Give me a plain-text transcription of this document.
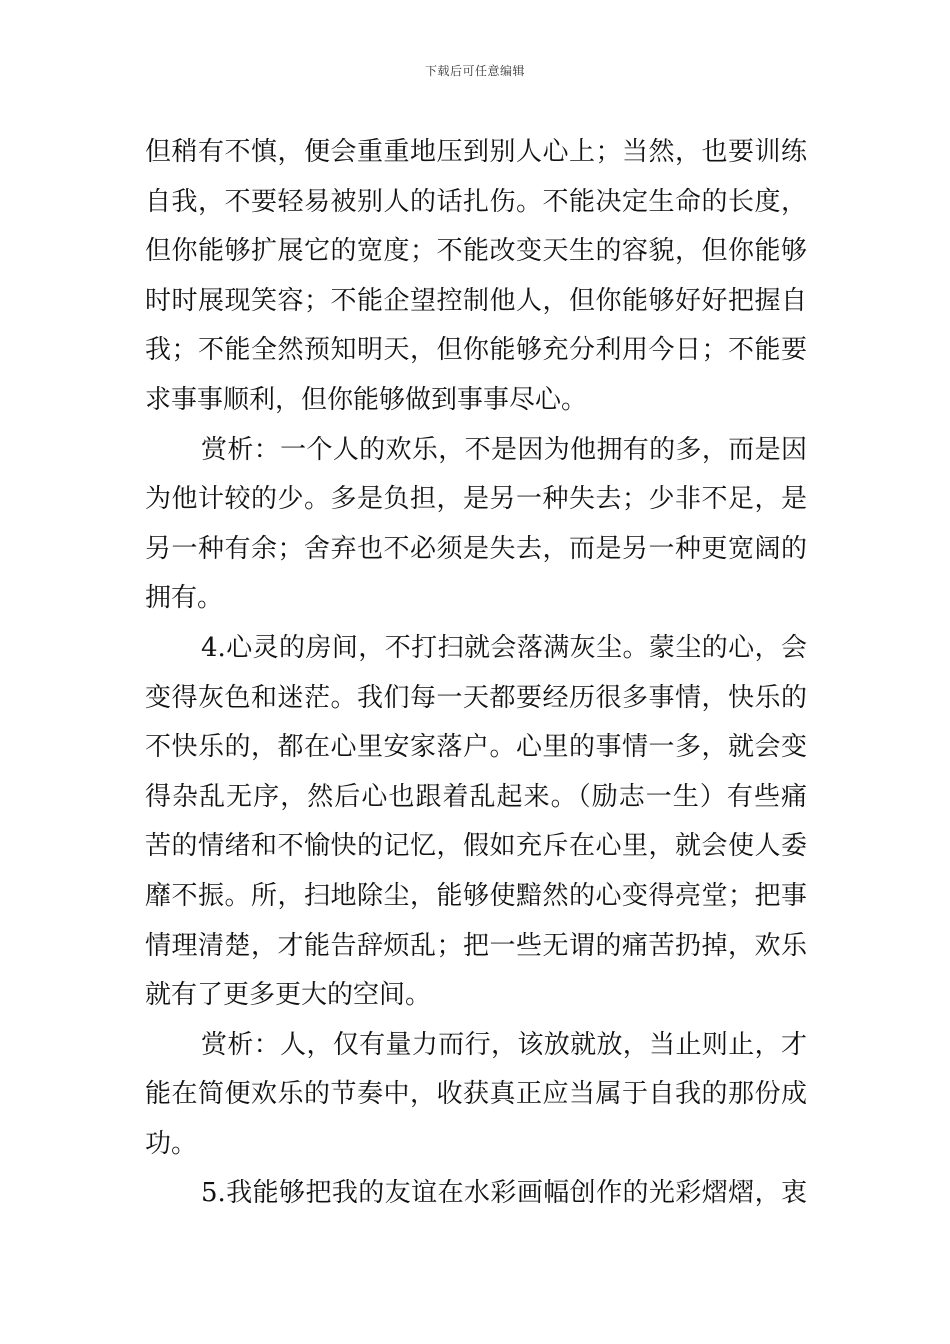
下载后可任意编辑
但稍有不慎，便会重重地压到别人心上；当然，也要训练
自我，不要轻易被别人的话扎伤。不能决定生命的长度，
但你能够扩展它的宽度；不能改变天生的容貌，但你能够
时时展现笑容；不能企望控制他人，但你能够好好把握自
我；不能全然预知明天，但你能够充分利用今日；不能要
求事事顺利，但你能够做到事事尽心。
赏析：一个人的欢乐，不是因为他拥有的多，而是因
为他计较的少。多是负担，是另一种失去；少非不足，是
另一种有余；舍弃也不必须是失去，而是另一种更宽阔的
拥有。
4.心灵的房间，不打扫就会落满灰尘。蒙尘的心，会
变得灰色和迷茫。我们每一天都要经历很多事情，快乐的
不快乐的，都在心里安家落户。心里的事情一多，就会变
得杂乱无序，然后心也跟着乱起来。（励志一生）有些痛
苦的情绪和不愉快的记忆，假如充斥在心里，就会使人委
靡不振。所，扫地除尘，能够使黯然的心变得亮堂；把事
情理清楚，才能告辞烦乱；把一些无谓的痛苦扔掉，欢乐
就有了更多更大的空间。
赏析：人，仅有量力而行，该放就放，当止则止，才
能在简便欢乐的节奏中，收获真正应当属于自我的那份成
功。
5.我能够把我的友谊在水彩画幅创作的光彩熠熠，衷
